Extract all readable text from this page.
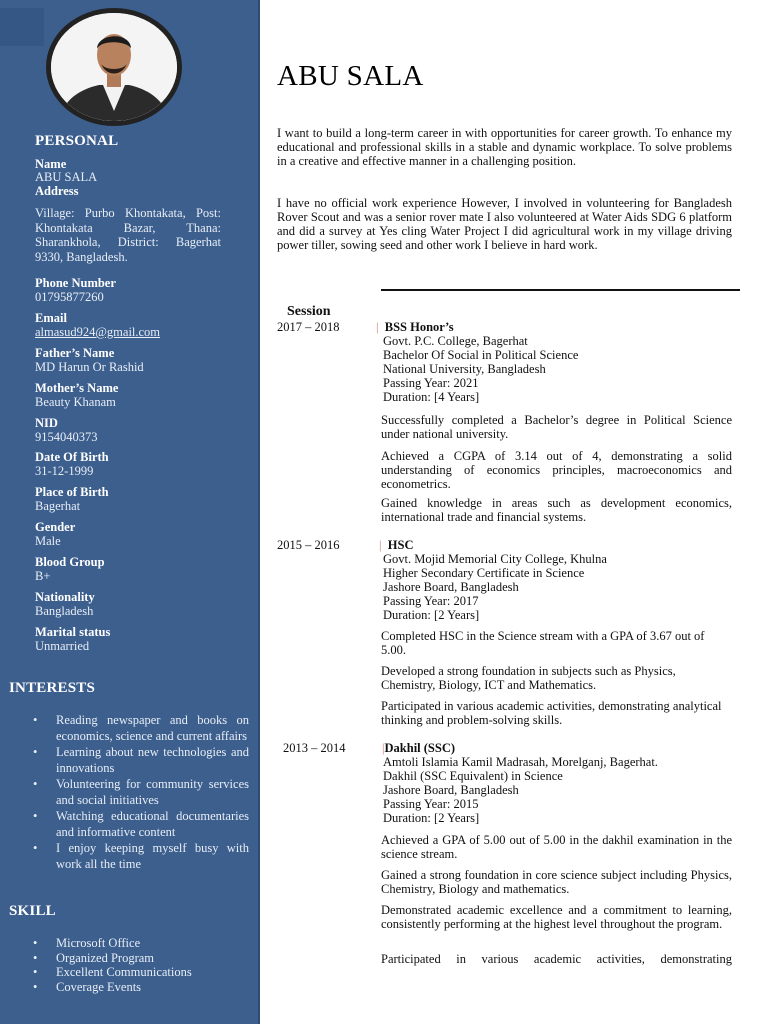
PERSONAL
Name
ABU SALA
Address
Village: Purbo Khontakata, Post: Khontakata Bazar, Thana: Sharankhola, District: Bagerhat 9330, Bangladesh.
Phone Number
01795877260
Email
almasud924@gmail.com
Father’s Name
MD Harun Or Rashid
Mother’s Name
Beauty Khanam
NID
9154040373
Date Of Birth
31-12-1999
Place of Birth
Bagerhat
Gender
Male
Blood Group
B+
Nationality
Bangladesh
Marital status
Unmarried
INTERESTS
• Reading newspaper and books on economics, science and current affairs
• Learning about new technologies and innovations
• Volunteering for community services and social initiatives
• Watching educational documentaries and informative content
• I enjoy keeping myself busy with work all the time
SKILL
• Microsoft Office
• Organized Program
• Excellent Communications
• Coverage Events
ABU SALA
I want to build a long-term career in with opportunities for career growth. To enhance my educational and professional skills in a stable and dynamic workplace. To solve problems in a creative and effective manner in a challenging position.
I have no official work experience However, I involved in volunteering for Bangladesh Rover Scout and was a senior rover mate I also volunteered at Water Aids SDG 6 platform and did a survey at Yes cling Water Project I did agricultural work in my village driving power tiller, sowing seed and other work I believe in hard work.
Session
2017 – 2018	| BSS Honor’s
Govt. P.C. College, Bagerhat
Bachelor Of Social in Political Science
National University, Bangladesh
Passing Year: 2021
Duration: [4 Years]
Successfully completed a Bachelor’s degree in Political Science under national university.
Achieved a CGPA of 3.14 out of 4, demonstrating a solid understanding of economics principles, macroeconomics and econometrics.
Gained knowledge in areas such as development economics, international trade and financial systems.
2015 – 2016	| HSC
Govt. Mojid Memorial City College, Khulna
Higher Secondary Certificate in Science
Jashore Board, Bangladesh
Passing Year: 2017
Duration: [2 Years]
Completed HSC in the Science stream with a GPA of 3.67 out of 5.00.
Developed a strong foundation in subjects such as Physics, Chemistry, Biology, ICT and Mathematics.
Participated in various academic activities, demonstrating analytical thinking and problem-solving skills.
2013 – 2014	|Dakhil (SSC)
Amtoli Islamia Kamil Madrasah, Morelganj, Bagerhat.
Dakhil (SSC Equivalent) in Science
Jashore Board, Bangladesh
Passing Year: 2015
Duration: [2 Years]
Achieved a GPA of 5.00 out of 5.00 in the dakhil examination in the science stream.
Gained a strong foundation in core science subject including Physics, Chemistry, Biology and mathematics.
Demonstrated academic excellence and a commitment to learning, consistently performing at the highest level throughout the program.
Participated in various academic activities, demonstrating
